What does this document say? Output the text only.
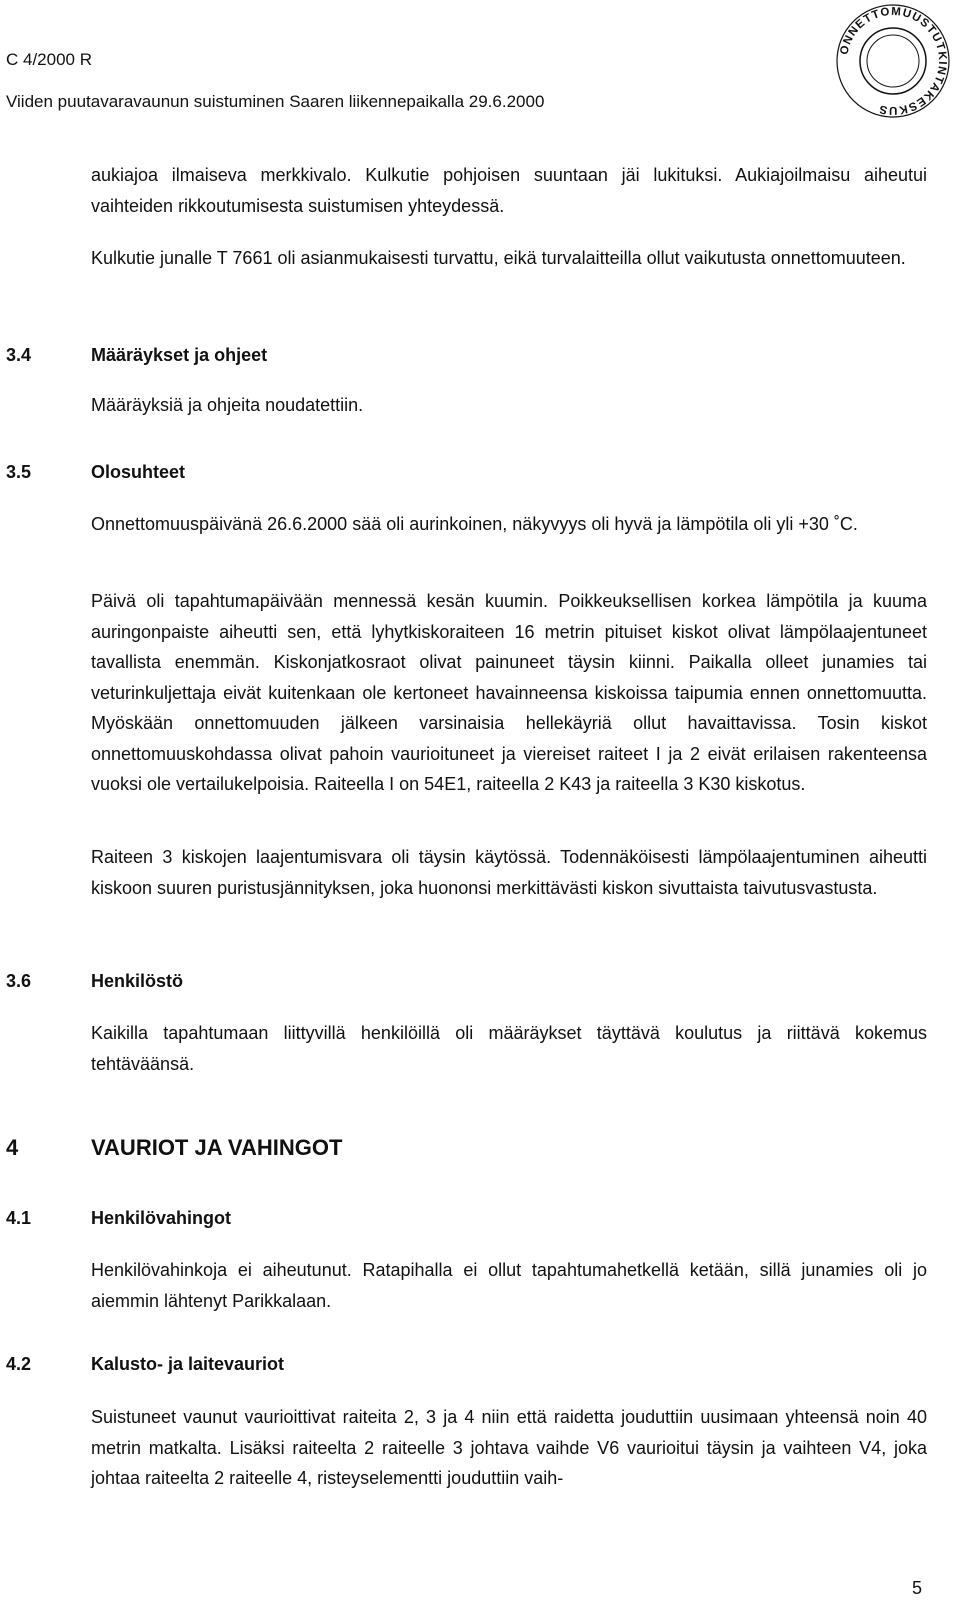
C 4/2000 R
Viiden puutavaravaunun suistuminen Saaren liikennepaikalla 29.6.2000
ONNETTOMUUSTUTKINTAKESKUS

aukiajoa ilmaiseva merkkivalo. Kulkutie pohjoisen suuntaan jäi lukituksi. Aukiajoilmaisu aiheutui vaihteiden rikkoutumisesta suistumisen yhteydessä.

Kulkutie junalle T 7661 oli asianmukaisesti turvattu, eikä turvalaitteilla ollut vaikutusta onnettomuuteen.

3.4	Määräykset ja ohjeet

Määräyksiä ja ohjeita noudatettiin.

3.5	Olosuhteet

Onnettomuuspäivänä 26.6.2000 sää oli aurinkoinen, näkyvyys oli hyvä ja lämpötila oli yli +30 ˚C.

Päivä oli tapahtumapäivään mennessä kesän kuumin. Poikkeuksellisen korkea lämpötila ja kuuma auringonpaiste aiheutti sen, että lyhytkiskoraiteen 16 metrin pituiset kiskot olivat lämpölaajentuneet tavallista enemmän. Kiskonjatkosraot olivat painuneet täysin kiinni. Paikalla olleet junamies tai veturinkuljettaja eivät kuitenkaan ole kertoneet havainneensa kiskoissa taipumia ennen onnettomuutta. Myöskään onnettomuuden jälkeen varsinaisia hellekäyriä ollut havaittavissa. Tosin kiskot onnettomuuskohdassa olivat pahoin vaurioituneet ja viereiset raiteet I ja 2 eivät erilaisen rakenteensa vuoksi ole vertailukelpoisia. Raiteella I on 54E1, raiteella 2 K43 ja raiteella 3 K30 kiskotus.

Raiteen 3 kiskojen laajentumisvara oli täysin käytössä. Todennäköisesti lämpölaajentuminen aiheutti kiskoon suuren puristusjännityksen, joka huononsi merkittävästi kiskon sivuttaista taivutusvastusta.

3.6	Henkilöstö

Kaikilla tapahtumaan liittyvillä henkilöillä oli määräykset täyttävä koulutus ja riittävä kokemus tehtäväänsä.

4	VAURIOT JA VAHINGOT
4.1	Henkilövahingot

Henkilövahinkoja ei aiheutunut. Ratapihalla ei ollut tapahtumahetkellä ketään, sillä junamies oli jo aiemmin lähtenyt Parikkalaan.

4.2	Kalusto- ja laitevauriot

Suistuneet vaunut vaurioittivat raiteita 2, 3 ja 4 niin että raidetta jouduttiin uusimaan yhteensä noin 40 metrin matkalta. Lisäksi raiteelta 2 raiteelle 3 johtava vaihde V6 vaurioitui täysin ja vaihteen V4, joka johtaa raiteelta 2 raiteelle 4, risteyselementti jouduttiin vaih-

5
